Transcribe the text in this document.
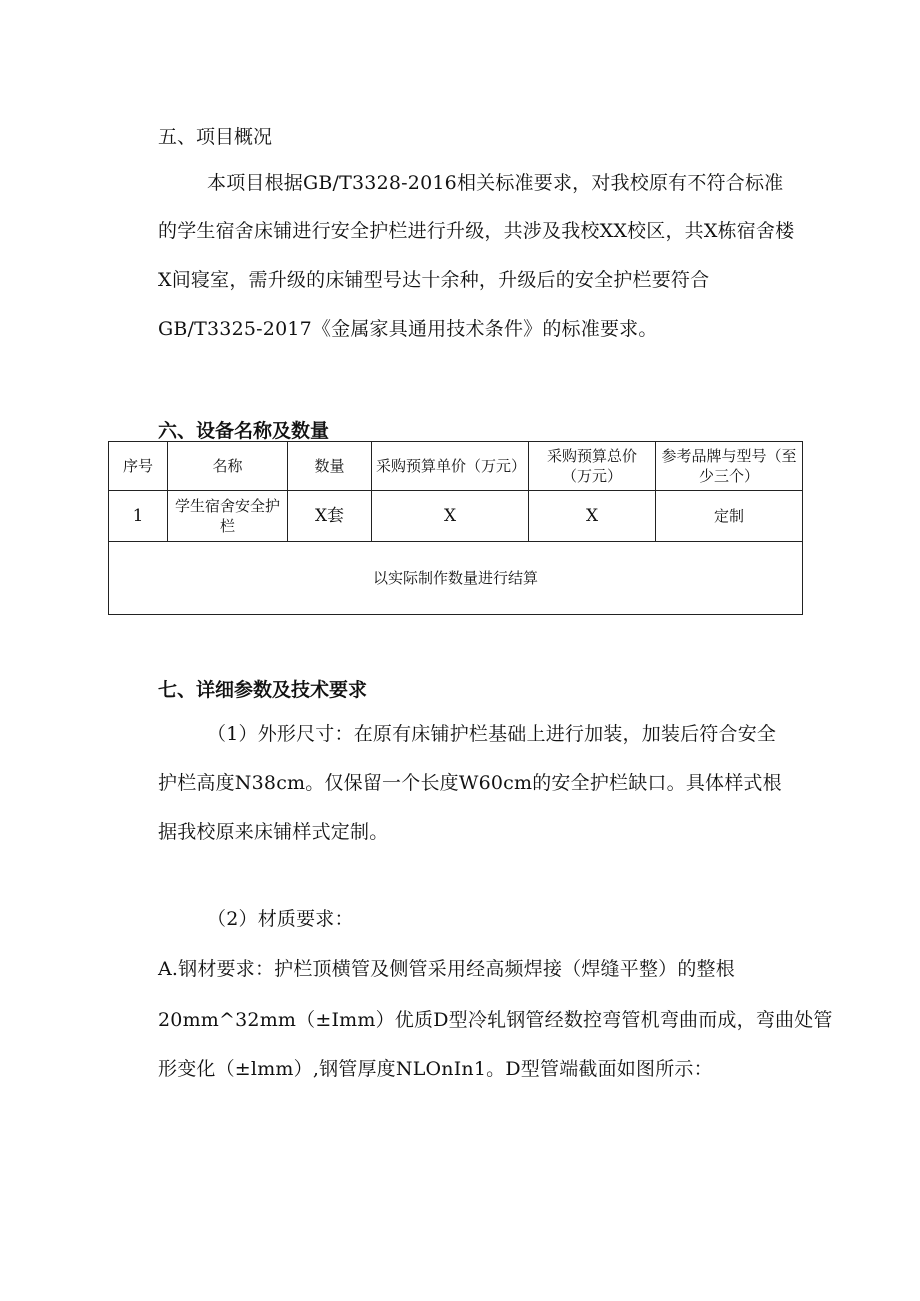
五、项目概况
本项目根据GB/T3328-2016相关标准要求，对我校原有不符合标准
的学生宿舍床铺进行安全护栏进行升级，共涉及我校XX校区，共X栋宿舍楼
X间寝室，需升级的床铺型号达十余种，升级后的安全护栏要符合
GB/T3325-2017《金属家具通用技术条件》的标准要求。
六、设备名称及数量
序号	名称	数量	采购预算单价（万元）	采购预算总价（万元）	参考品牌与型号（至少三个）
1	学生宿舍安全护栏	X套	X	X	定制
以实际制作数量进行结算					
七、详细参数及技术要求
（1）外形尺寸：在原有床铺护栏基础上进行加装，加装后符合安全
护栏高度N38cm。仅保留一个长度W60cm的安全护栏缺口。具体样式根
据我校原来床铺样式定制。
（2）材质要求：
A.钢材要求：护栏顶横管及侧管采用经高频焊接（焊缝平整）的整根
20mm^32mm（±Imm）优质D型冷轧钢管经数控弯管机弯曲而成，弯曲处管
形变化（±lmm）,钢管厚度NLOnIn1。D型管端截面如图所示：
